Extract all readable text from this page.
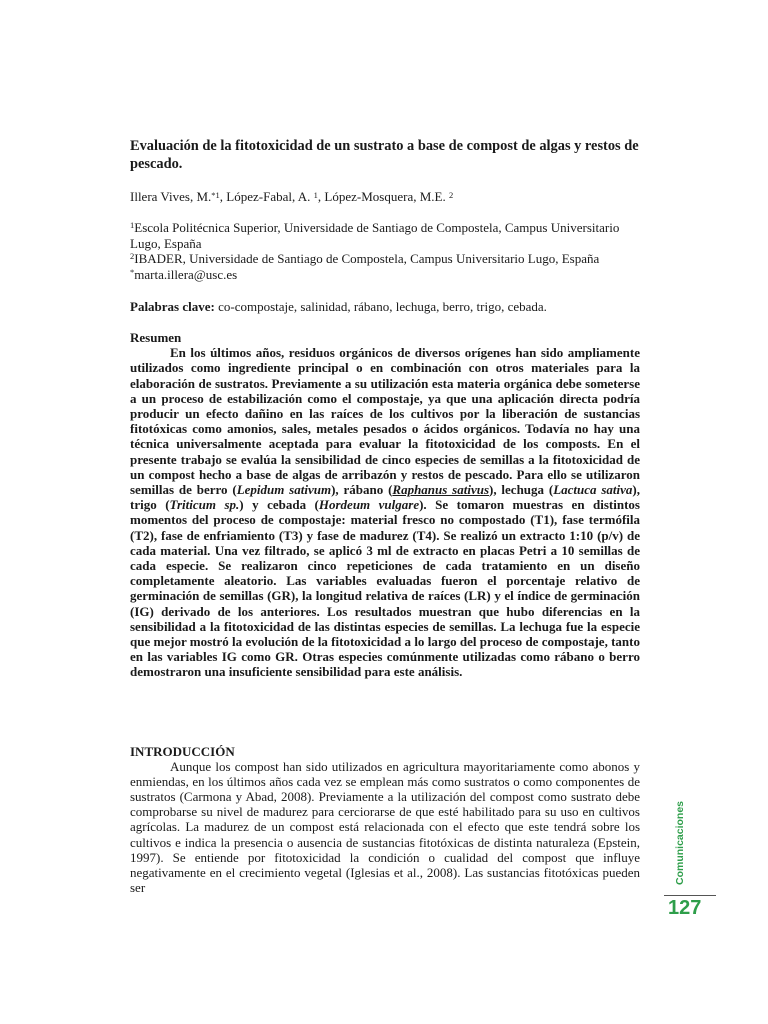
Evaluación de la fitotoxicidad de un sustrato a base de compost de algas y restos de pescado.
Illera Vives, M.$^{*1}$, López-Fabal, A. $^1$, López-Mosquera, M.E. $^2$

$^1$Escola Politécnica Superior, Universidade de Santiago de Compostela, Campus Universitario Lugo, España

$^2$IBADER, Universidade de Santiago de Compostela, Campus Universitario Lugo, España

*marta.illera@usc.es

Palabras clave: co-compostaje, salinidad, rábano, lechuga, berro, trigo, cebada.

Resumen

En los últimos años, residuos orgánicos de diversos orígenes han sido ampliamente utilizados como ingrediente principal o en combinación con otros materiales para la elaboración de sustratos. Previamente a su utilización esta materia orgánica debe someterse a un proceso de estabilización como el compostaje, ya que una aplicación directa podría producir un efecto dañino en las raíces de los cultivos por la liberación de sustancias fitotóxicas como amonios, sales, metales pesados o ácidos orgánicos. Todavía no hay una técnica universalmente aceptada para evaluar la fitotoxicidad de los composts. En el presente trabajo se evalúa la sensibilidad de cinco especies de semillas a la fitotoxicidad de un compost hecho a base de algas de arribazón y restos de pescado. Para ello se utilizaron semillas de berro (Lepidum sativum), rábano (Raphanus sativus), lechuga (Lactuca sativa), trigo (Triticum sp.) y cebada (Hordeum vulgare). Se tomaron muestras en distintos momentos del proceso de compostaje: material fresco no compostado (T1), fase termófila (T2), fase de enfriamiento (T3) y fase de madurez (T4). Se realizó un extracto 1:10 (p/v) de cada material. Una vez filtrado, se aplicó 3 ml de extracto en placas Petri a 10 semillas de cada especie. Se realizaron cinco repeticiones de cada tratamiento en un diseño completamente aleatorio. Las variables evaluadas fueron el porcentaje relativo de germinación de semillas (GR), la longitud relativa de raíces (LR) y el índice de germinación (IG) derivado de los anteriores. Los resultados muestran que hubo diferencias en la sensibilidad a la fitotoxicidad de las distintas especies de semillas. La lechuga fue la especie que mejor mostró la evolución de la fitotoxicidad a lo largo del proceso de compostaje, tanto en las variables IG como GR. Otras especies comúnmente utilizadas como rábano o berro demostraron una insuficiente sensibilidad para este análisis.

INTRODUCCIÓN

Aunque los compost han sido utilizados en agricultura mayoritariamente como abonos y enmiendas, en los últimos años cada vez se emplean más como sustratos o como componentes de sustratos (Carmona y Abad, 2008). Previamente a la utilización del compost como sustrato debe comprobarse su nivel de madurez para cerciorarse de que esté habilitado para su uso en cultivos agrícolas. La madurez de un compost está relacionada con el efecto que este tendrá sobre los cultivos e indica la presencia o ausencia de sustancias fitotóxicas de distinta naturaleza (Epstein, 1997). Se entiende por fitotoxicidad la condición o cualidad del compost que influye negativamente en el crecimiento vegetal (Iglesias et al., 2008). Las sustancias fitotóxicas pueden ser

Comunicaciones
127
